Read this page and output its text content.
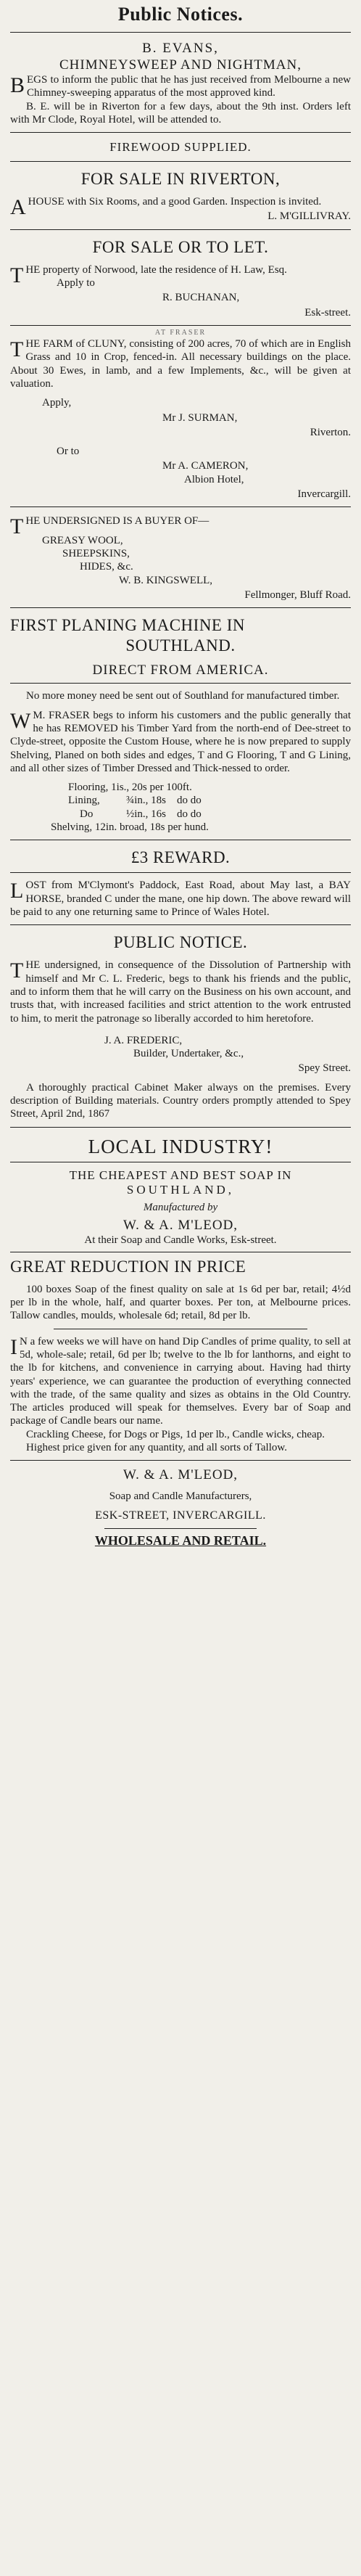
Public Notices.
B. EVANS,
CHIMNEYSWEEP AND NIGHTMAN,

BEGS to inform the public that he has just received from Melbourne a new Chimney-sweeping apparatus of the most approved kind.

B. E. will be in Riverton for a few days, about the 9th inst. Orders left with Mr Clode, Royal Hotel, will be attended to.

FIREWOOD SUPPLIED.
FOR SALE IN RIVERTON,

AHOUSE with Six Rooms, and a good Garden. Inspection is invited.

L. M'GILLIVRAY.

FOR SALE OR TO LET.

THE property of Norwood, late the residence of H. Law, Esq.

Apply to

R. BUCHANAN,

Esk-street.

AT FRASER

THE FARM of CLUNY, consisting of 200 acres, 70 of which are in English Grass and 10 in Crop, fenced-in. All necessary buildings on the place. About 30 Ewes, in lamb, and a few Implements, &c., will be given at valuation.

Apply,

Mr J. SURMAN,

Riverton.

Or to

Mr A. CAMERON,

Albion Hotel,

Invercargill.

THE UNDERSIGNED IS A BUYER OF—

GREASY WOOL,

SHEEPSKINS,

HIDES, &c.

W. B. KINGSWELL,

Fellmonger, Bluff Road.

FIRST PLANING MACHINE IN
SOUTHLAND.
DIRECT FROM AMERICA.

No more money need be sent out of Southland for manufactured timber.

WM. FRASER begs to inform his customers and the public generally that he has REMOVED his Timber Yard from the north-end of Dee-street to Clyde-street, opposite the Custom House, where he is now prepared to supply Shelving, Planed on both sides and edges, T and G Flooring, T and G Lining, and all other sizes of Timber Dressed and Thick-nessed to order.

Flooring, 1is., 20s per 100ft.

Lining, ¾in., 18s do do

Do	½in., 16s do do

Shelving, 12in. broad, 18s per hund.

£3 REWARD.

LOST from M'Clymont's Paddock, East Road, about May last, a BAY HORSE, branded C under the mane, one hip down. The above reward will be paid to any one returning same to Prince of Wales Hotel.

PUBLIC NOTICE.

THE undersigned, in consequence of the Dissolution of Partnership with himself and Mr C. L. Frederic, begs to thank his friends and the public, and to inform them that he will carry on the Business on his own account, and trusts that, with increased facilities and strict attention to the work entrusted to him, to merit the patronage so liberally accorded to him heretofore.

J. A. FREDERIC,

Builder, Undertaker, &c.,

Spey Street.

A thoroughly practical Cabinet Maker always on the premises. Every description of Building materials. Country orders promptly attended to Spey Street, April 2nd, 1867

LOCAL INDUSTRY!
THE CHEAPEST AND BEST SOAP IN
SOUTHLAND,
Manufactured by
W. & A. M'LEOD,
At their Soap and Candle Works, Esk-street.
GREAT REDUCTION IN PRICE

100 boxes Soap of the finest quality on sale at 1s 6d per bar, retail; 4½d per lb in the whole, half, and quarter boxes. Per ton, at Melbourne prices. Tallow candles, moulds, wholesale 6d; retail, 8d per lb.

IN a few weeks we will have on hand Dip Candles of prime quality, to sell at 5d, whole-sale; retail, 6d per lb; twelve to the lb for lanthorns, and eight to the lb for kitchens, and convenience in carrying about. Having had thirty years' experience, we can guarantee the production of everything connected with the trade, of the same quality and sizes as obtains in the Old Country. The articles produced will speak for themselves. Every bar of Soap and package of Candle bears our name.

Crackling Cheese, for Dogs or Pigs, 1d per lb., Candle wicks, cheap.

Highest price given for any quantity, and all sorts of Tallow.

W. & A. M'LEOD,
Soap and Candle Manufacturers,
ESK-STREET, INVERCARGILL.
WHOLESALE AND RETAIL.
